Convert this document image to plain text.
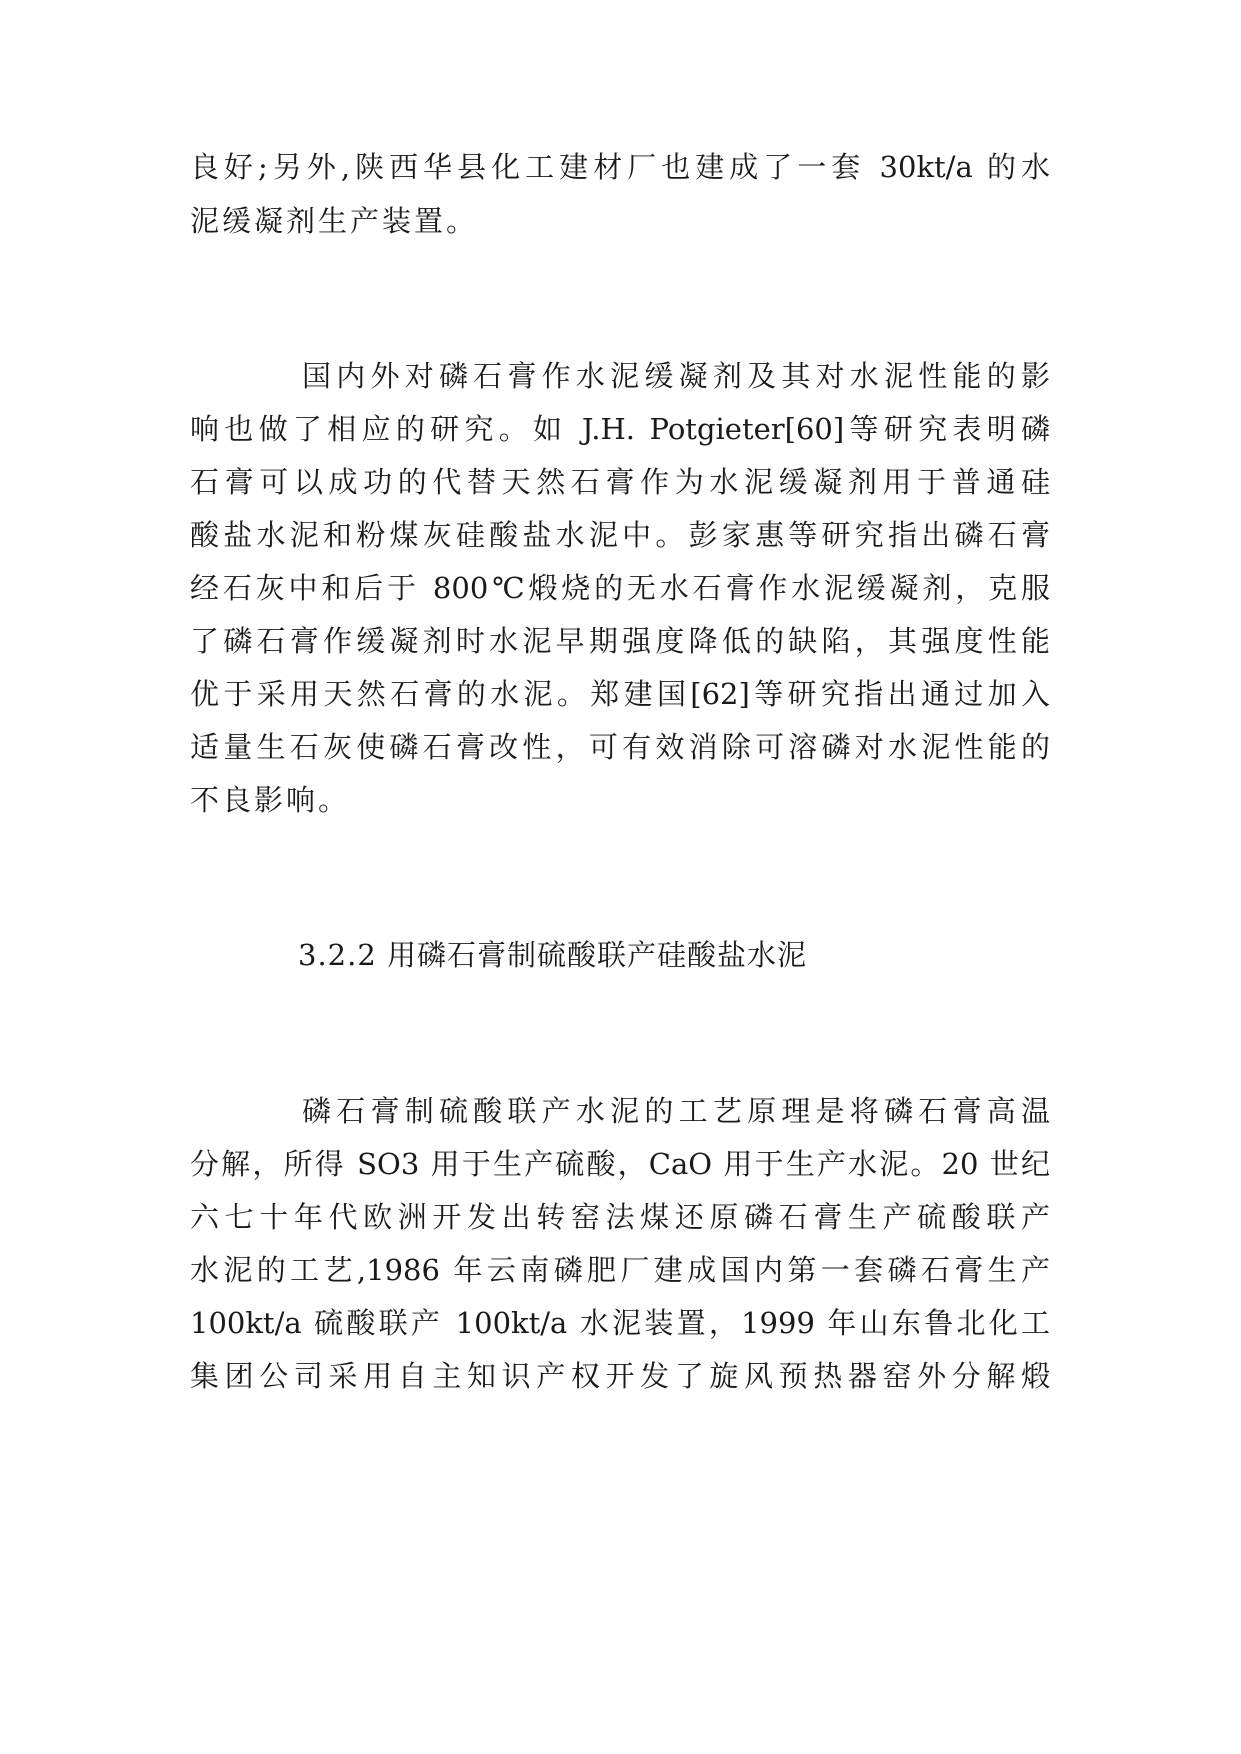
良好;另外,陕西华县化工建材厂也建成了一套 30kt/a 的水
泥缓凝剂生产装置。
国内外对磷石膏作水泥缓凝剂及其对水泥性能的影
响也做了相应的研究。如 J.H. Potgieter[60]等研究表明磷
石膏可以成功的代替天然石膏作为水泥缓凝剂用于普通硅
酸盐水泥和粉煤灰硅酸盐水泥中。彭家惠等研究指出磷石膏
经石灰中和后于 800℃煅烧的无水石膏作水泥缓凝剂，克服
了磷石膏作缓凝剂时水泥早期强度降低的缺陷，其强度性能
优于采用天然石膏的水泥。郑建国[62]等研究指出通过加入
适量生石灰使磷石膏改性，可有效消除可溶磷对水泥性能的
不良影响。
3.2.2 用磷石膏制硫酸联产硅酸盐水泥
磷石膏制硫酸联产水泥的工艺原理是将磷石膏高温
分解，所得 SO3 用于生产硫酸，CaO 用于生产水泥。20 世纪
六七十年代欧洲开发出转窑法煤还原磷石膏生产硫酸联产
水泥的工艺,1986 年云南磷肥厂建成国内第一套磷石膏生产
100kt/a 硫酸联产 100kt/a 水泥装置，1999 年山东鲁北化工
集团公司采用自主知识产权开发了旋风预热器窑外分解煅
